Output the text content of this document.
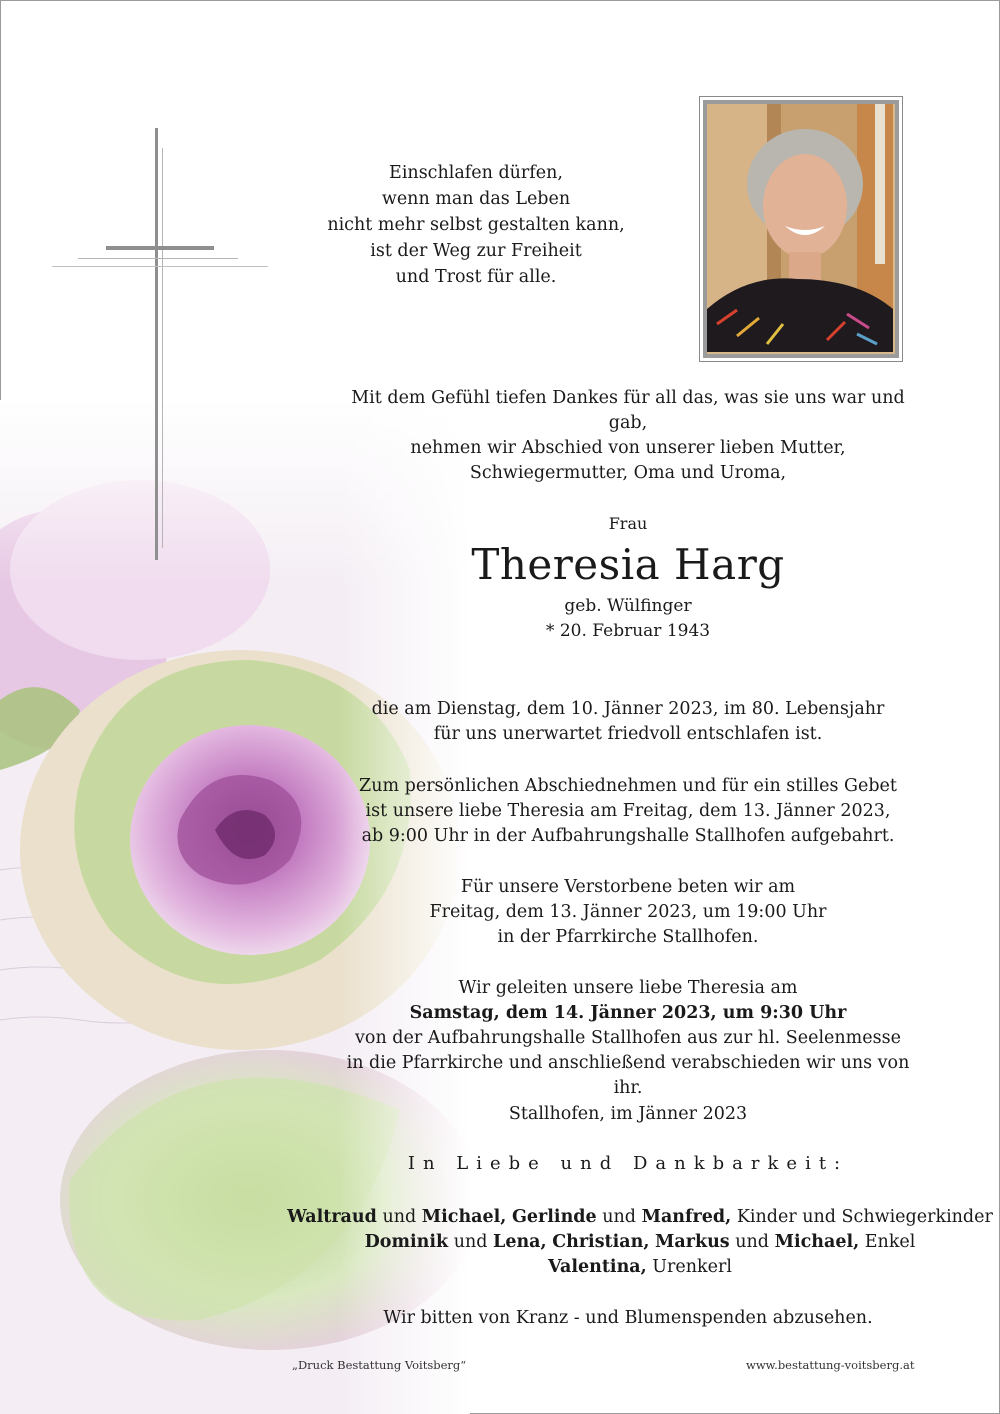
Einschlafen dürfen,
wenn man das Leben
nicht mehr selbst gestalten kann,
ist der Weg zur Freiheit
und Trost für alle.

Mit dem Gefühl tiefen Dankes für all das, was sie uns war und gab,

nehmen wir Abschied von unserer lieben Mutter,

Schwiegermutter, Oma und Uroma,

Frau
Theresia Harg
geb. Wülfinger
* 20. Februar 1943

die am Dienstag, dem 10. Jänner 2023, im 80. Lebensjahr

für uns unerwartet friedvoll entschlafen ist.

Zum persönlichen Abschiednehmen und für ein stilles Gebet

ist unsere liebe Theresia am Freitag, dem 13. Jänner 2023,

ab 9:00 Uhr in der Aufbahrungshalle Stallhofen aufgebahrt.

Für unsere Verstorbene beten wir am

Freitag, dem 13. Jänner 2023, um 19:00 Uhr

in der Pfarrkirche Stallhofen.

Wir geleiten unsere liebe Theresia am

Samstag, dem 14. Jänner 2023, um 9:30 Uhr

von der Aufbahrungshalle Stallhofen aus zur hl. Seelenmesse

in die Pfarrkirche und anschließend verabschieden wir uns von ihr.

Stallhofen, im Jänner 2023
In Liebe und Dankbarkeit:

Waltraud und Michael, Gerlinde und Manfred, Kinder und Schwiegerkinder

Dominik und Lena, Christian, Markus und Michael, Enkel

Valentina, Urenkerl

Wir bitten von Kranz - und Blumenspenden abzusehen.
„Druck Bestattung Voitsberg“	www.bestattung-voitsberg.at
